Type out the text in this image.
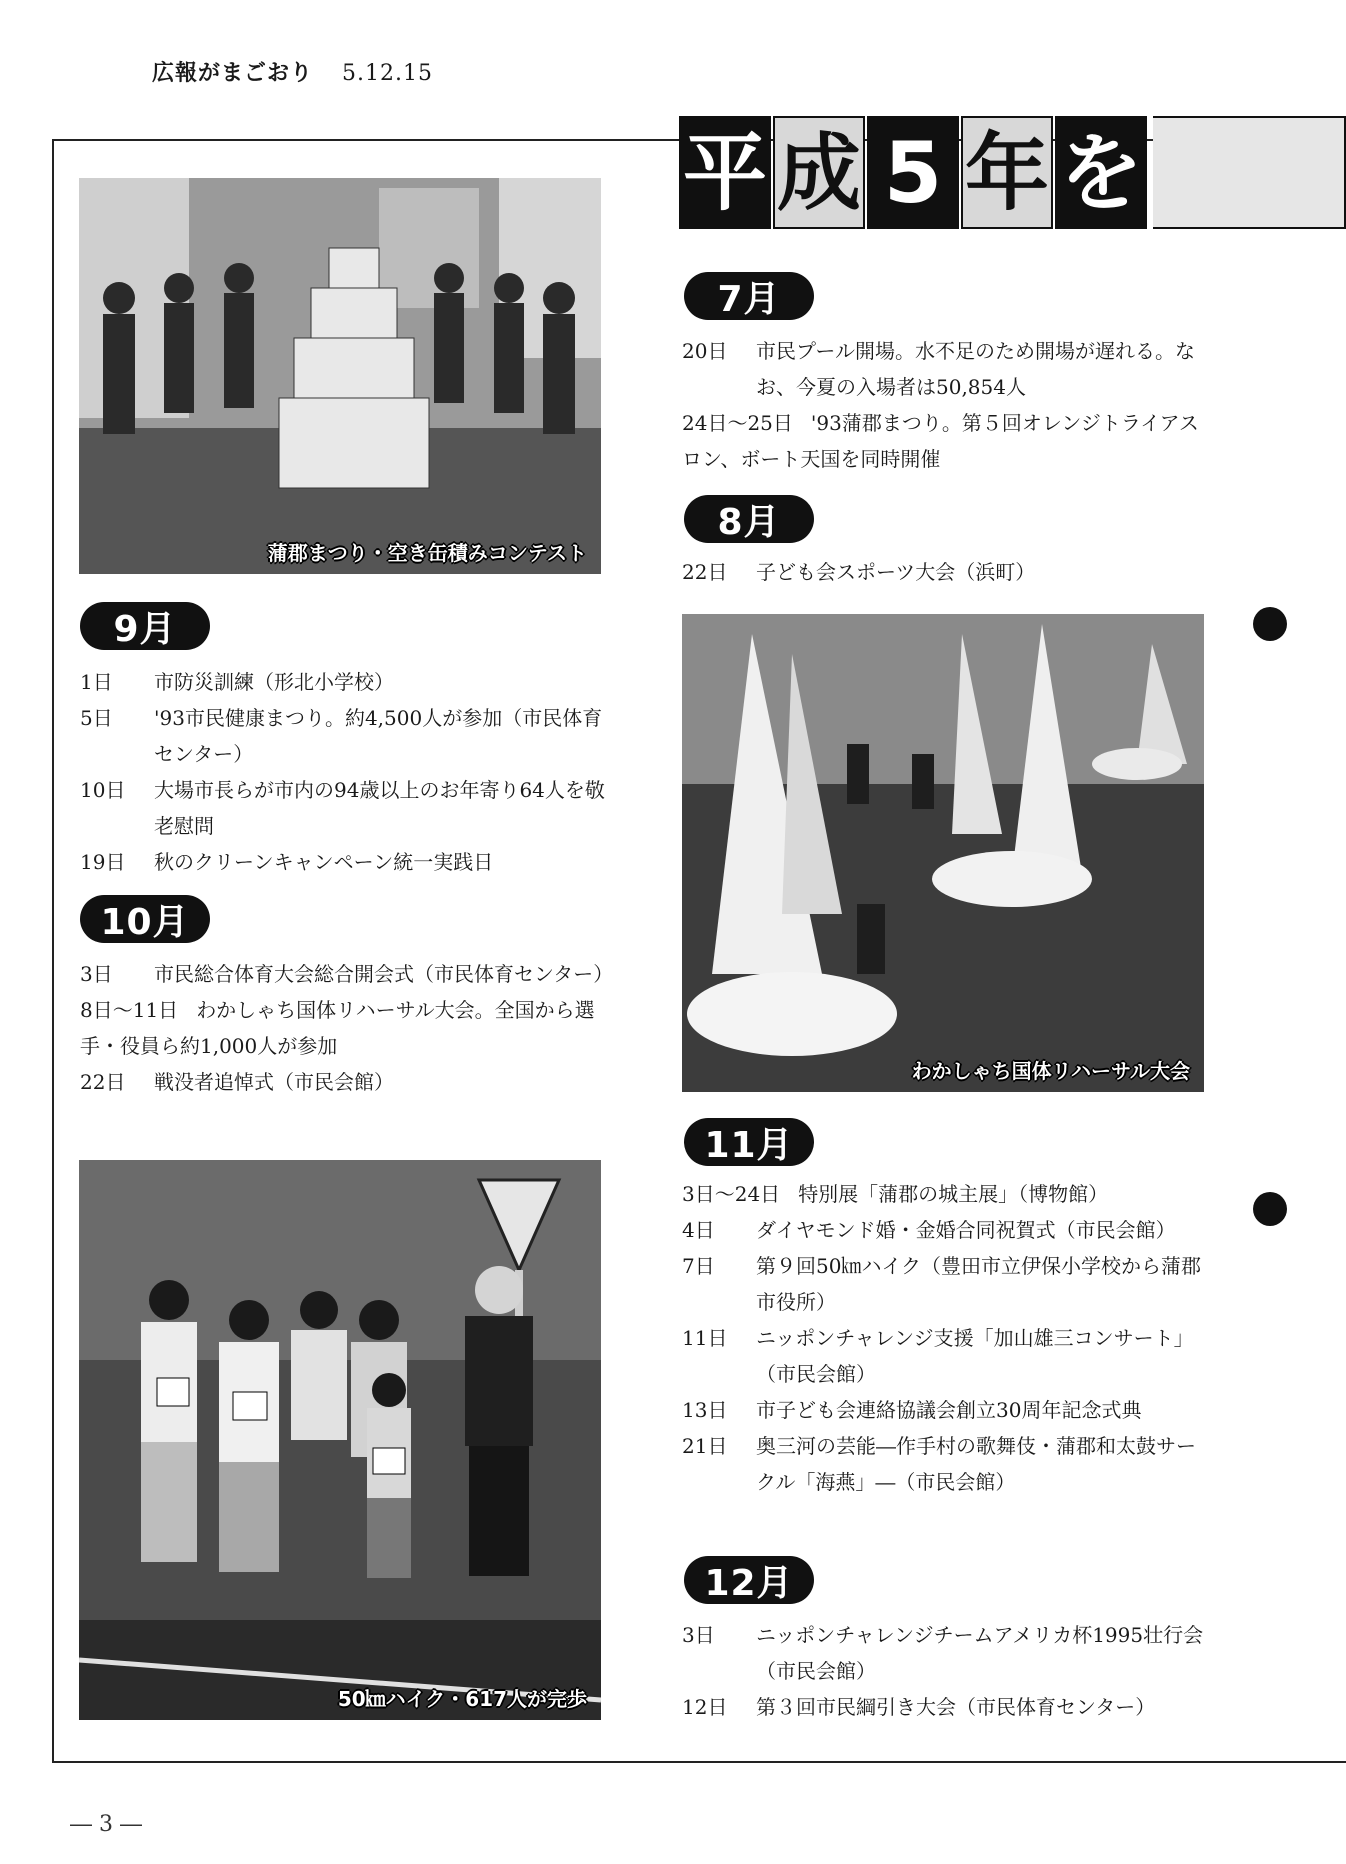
広報がまごおり 5.12.15
平 成 5 年 を
蒲郡まつり・空き缶積みコンテスト
わかしゃち国体リハーサル大会
50㎞ハイク・617人が完歩
7月
8月
9月
10月
11月
12月
20日 市民プール開場。水不足のため開場が遅れる。なお、今夏の入場者は50,854人
24日～25日 '93蒲郡まつり。第５回オレンジトライアスロン、ボート天国を同時開催
22日 子ども会スポーツ大会（浜町）
1日 市防災訓練（形北小学校）
5日 '93市民健康まつり。約4,500人が参加（市民体育センター）
10日 大場市長らが市内の94歳以上のお年寄り64人を敬老慰問
19日 秋のクリーンキャンペーン統一実践日
3日 市民総合体育大会総合開会式（市民体育センター）
8日～11日 わかしゃち国体リハーサル大会。全国から選手・役員ら約1,000人が参加
22日 戦没者追悼式（市民会館）
3日～24日 特別展「蒲郡の城主展」（博物館）
4日 ダイヤモンド婚・金婚合同祝賀式（市民会館）
7日 第９回50㎞ハイク（豊田市立伊保小学校から蒲郡市役所）
11日 ニッポンチャレンジ支援「加山雄三コンサート」（市民会館）
13日 市子ども会連絡協議会創立30周年記念式典
21日 奥三河の芸能―作手村の歌舞伎・蒲郡和太鼓サークル「海燕」―（市民会館）
3日 ニッポンチャレンジチームアメリカ杯1995壮行会（市民会館）
12日 第３回市民綱引き大会（市民体育センター）
― 3 ―
